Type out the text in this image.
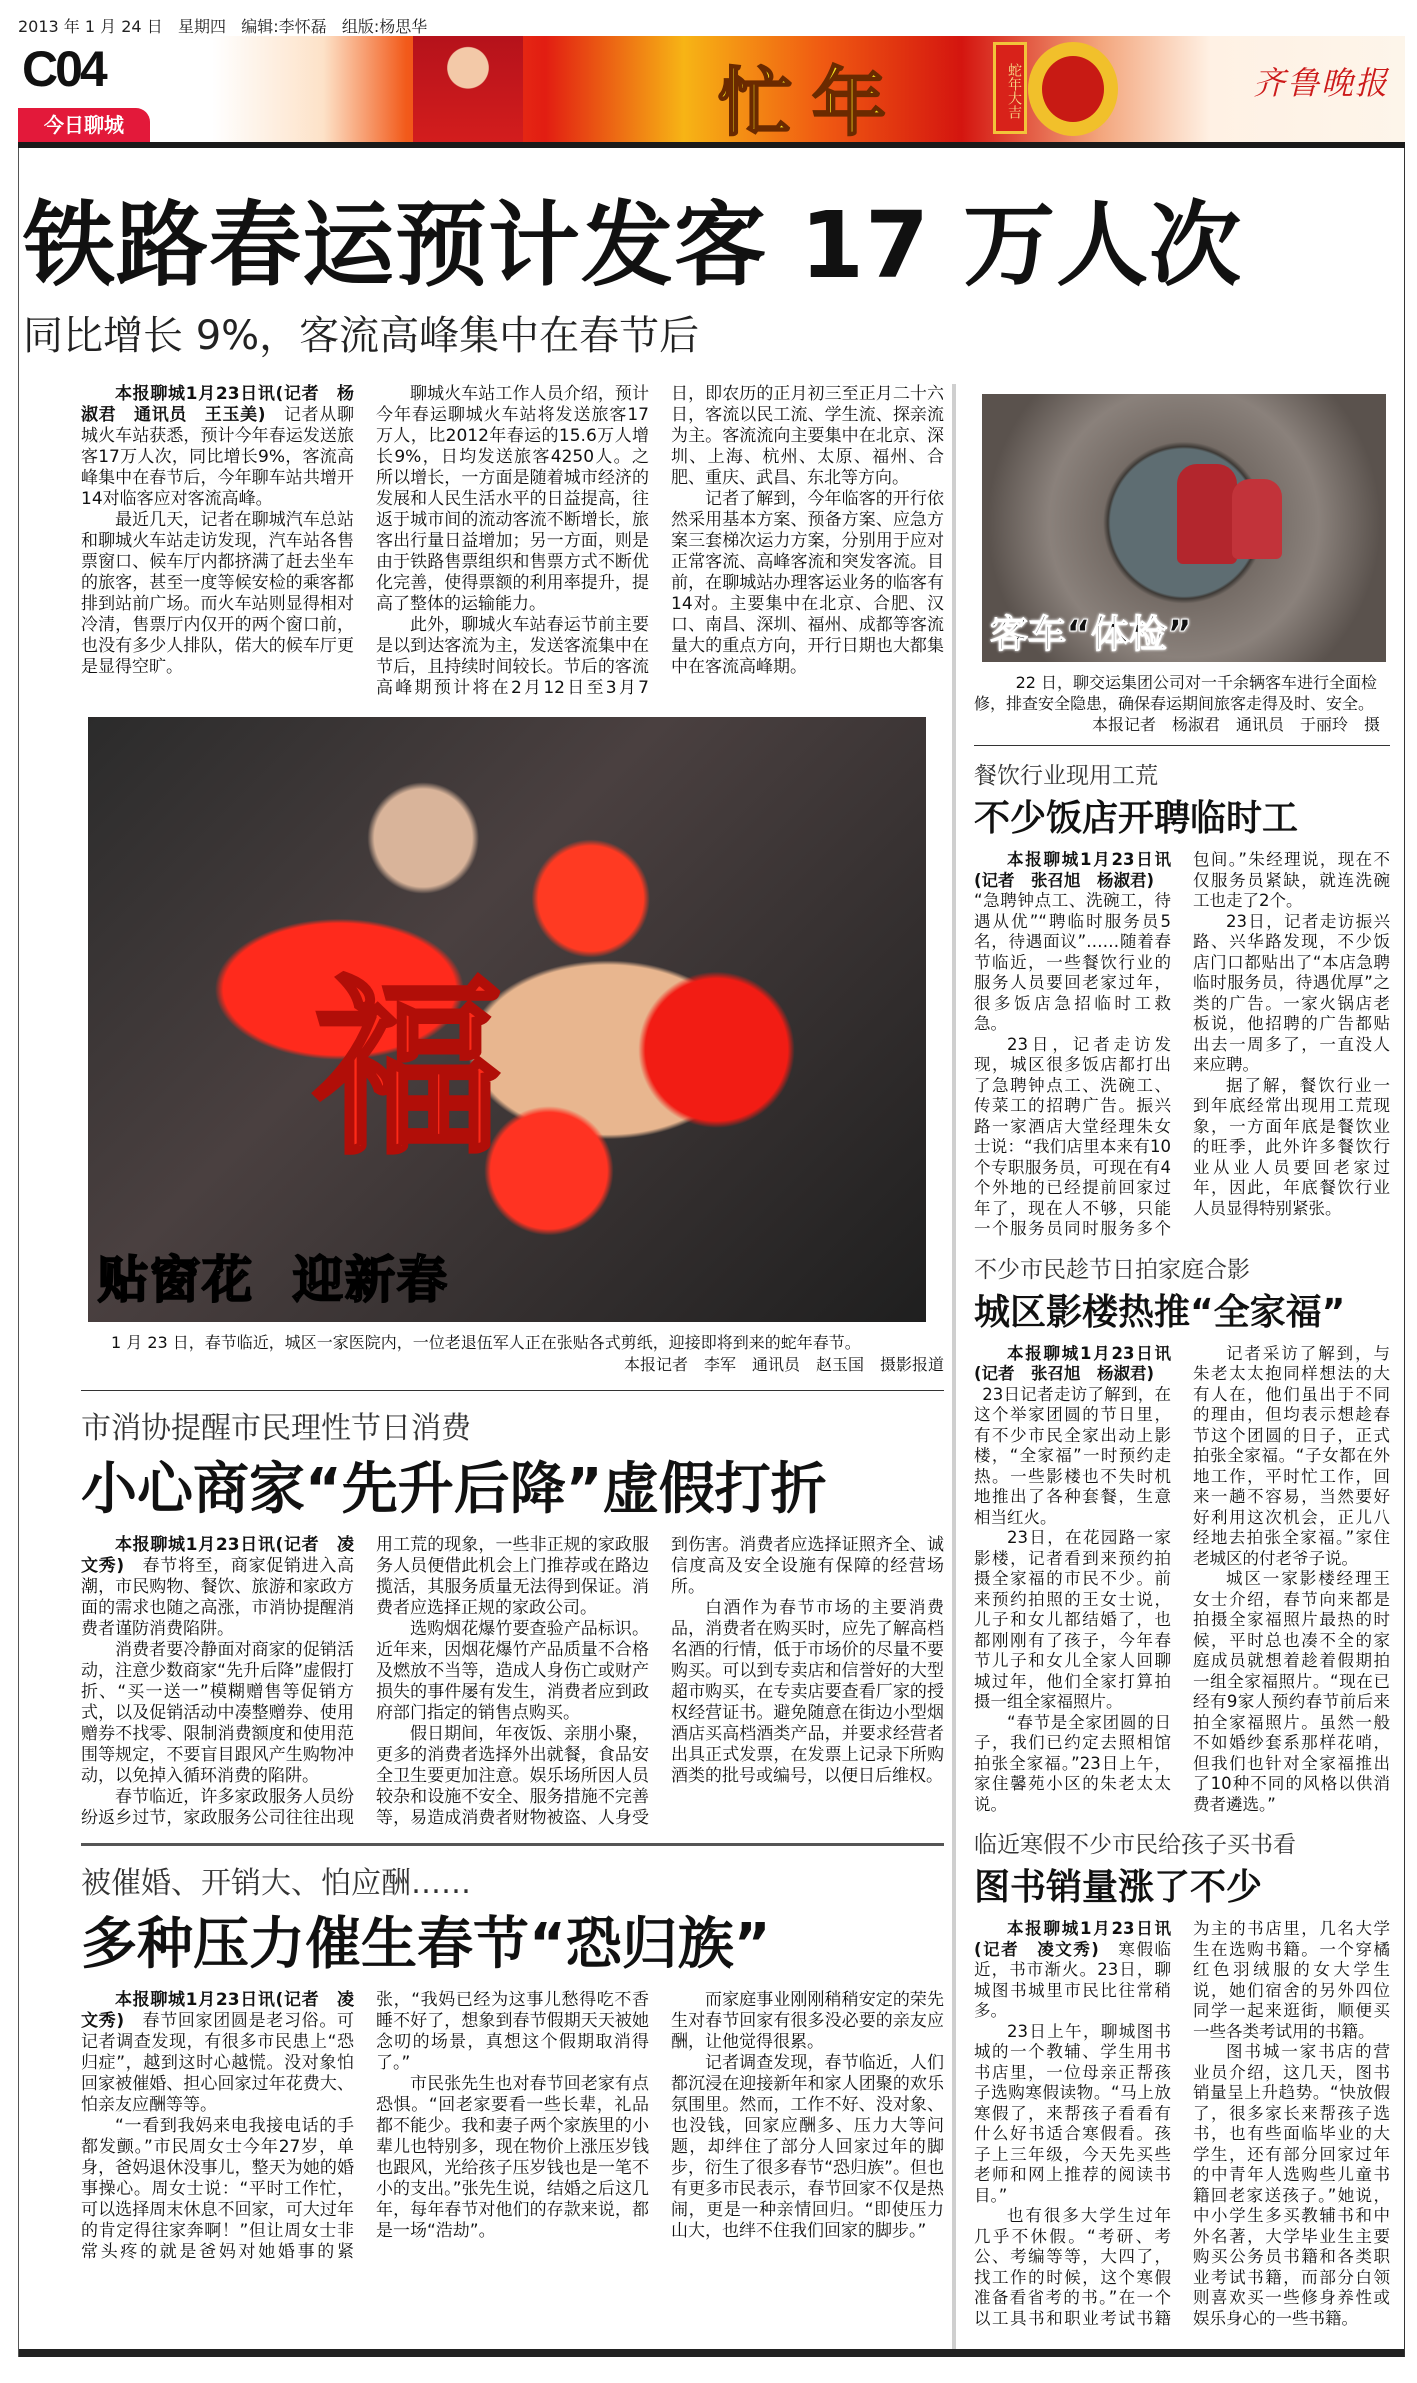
2013 年 1 月 24 日   星期四   编辑:李怀磊   组版:杨思华
C04
今日聊城	忙年	蛇年大吉	齐鲁晚报
铁路春运预计发客 17 万人次
同比增长 9%，客流高峰集中在春节后

本报聊城1月23日讯(记者　杨淑君　通讯员　王玉美)　 记者从聊城火车站获悉，预计今年春运发送旅客17万人次，同比增长9%，客流高峰集中在春节后，今年聊车站共增开14对临客应对客流高峰。

最近几天，记者在聊城汽车总站和聊城火车站走访发现，汽车站各售票窗口、候车厅内都挤满了赶去坐车的旅客，甚至一度等候安检的乘客都排到站前广场。而火车站则显得相对冷清，售票厅内仅开的两个窗口前，也没有多少人排队，偌大的候车厅更是显得空旷。

聊城火车站工作人员介绍，预计今年春运聊城火车站将发送旅客17万人，比2012年春运的15.6万人增长9%，日均发送旅客4250人。之所以增长，一方面是随着城市经济的发展和人民生活水平的日益提高，往返于城市间的流动客流不断增长，旅客出行量日益增加；另一方面，则是由于铁路售票组织和售票方式不断优化完善，使得票额的利用率提升，提高了整体的运输能力。

此外，聊城火车站春运节前主要是以到达客流为主，发送客流集中在节后，且持续时间较长。节后的客流高峰期预计将在2月12日至3月7日，即农历的正月初三至正月二十六日，客流以民工流、学生流、探亲流为主。客流流向主要集中在北京、深圳、上海、杭州、太原、福州、合肥、重庆、武昌、东北等方向。

记者了解到，今年临客的开行依然采用基本方案、预备方案、应急方案三套梯次运力方案，分别用于应对正常客流、高峰客流和突发客流。目前，在聊城站办理客运业务的临客有14对。主要集中在北京、合肥、汉口、南昌、深圳、福州、成都等客流量大的重点方向，开行日期也大都集中在客流高峰期。

福
贴窗花  迎新春
1 月 23 日，春节临近，城区一家医院内，一位老退伍军人正在张贴各式剪纸，迎接即将到来的蛇年春节。
本报记者　李军　通讯员　赵玉国　摄影报道
市消协提醒市民理性节日消费
小心商家“先升后降”虚假打折

本报聊城1月23日讯(记者　凌文秀)　 春节将至，商家促销进入高潮，市民购物、餐饮、旅游和家政方面的需求也随之高涨，市消协提醒消费者谨防消费陷阱。

消费者要冷静面对商家的促销活动，注意少数商家“先升后降”虚假打折、“买一送一”模糊赠售等促销方式，以及促销活动中凑整赠券、使用赠券不找零、限制消费额度和使用范围等规定，不要盲目跟风产生购物冲动，以免掉入循环消费的陷阱。

春节临近，许多家政服务人员纷纷返乡过节，家政服务公司往往出现用工荒的现象，一些非正规的家政服务人员便借此机会上门推荐或在路边揽活，其服务质量无法得到保证。消费者应选择正规的家政公司。

选购烟花爆竹要查验产品标识。近年来，因烟花爆竹产品质量不合格及燃放不当等，造成人身伤亡或财产损失的事件屡有发生，消费者应到政府部门指定的销售点购买。

假日期间，年夜饭、亲朋小聚，更多的消费者选择外出就餐，食品安全卫生要更加注意。娱乐场所因人员较杂和设施不安全、服务措施不完善等，易造成消费者财物被盗、人身受到伤害。消费者应选择证照齐全、诚信度高及安全设施有保障的经营场所。

白酒作为春节市场的主要消费品，消费者在购买时，应先了解高档名酒的行情，低于市场价的尽量不要购买。可以到专卖店和信誉好的大型超市购买，在专卖店要查看厂家的授权经营证书。避免随意在街边小型烟酒店买高档酒类产品，并要求经营者出具正式发票，在发票上记录下所购酒类的批号或编号，以便日后维权。

被催婚、开销大、怕应酬……
多种压力催生春节“恐归族”

本报聊城1月23日讯(记者　凌文秀)　 春节回家团圆是老习俗。可记者调查发现，有很多市民患上“恐归症”，越到这时心越慌。没对象怕回家被催婚、担心回家过年花费大、怕亲友应酬等等。

“一看到我妈来电我接电话的手都发颤。”市民周女士今年27岁，单身，爸妈退休没事儿，整天为她的婚事操心。周女士说：“平时工作忙，可以选择周末休息不回家，可大过年的肯定得往家奔啊！”但让周女士非常头疼的就是爸妈对她婚事的紧张，“我妈已经为这事儿愁得吃不香睡不好了，想象到春节假期天天被她念叨的场景，真想这个假期取消得了。”

市民张先生也对春节回老家有点恐惧。“回老家要看一些长辈，礼品都不能少。我和妻子两个家族里的小辈儿也特别多，现在物价上涨压岁钱也跟风，光给孩子压岁钱也是一笔不小的支出。”张先生说，结婚之后这几年，每年春节对他们的存款来说，都是一场“浩劫”。

而家庭事业刚刚稍稍安定的荣先生对春节回家有很多没必要的亲友应酬，让他觉得很累。

记者调查发现，春节临近，人们都沉浸在迎接新年和家人团聚的欢乐氛围里。然而，工作不好、没对象、也没钱，回家应酬多、压力大等问题，却绊住了部分人回家过年的脚步，衍生了很多春节“恐归族”。但也有更多市民表示，春节回家不仅是热闹，更是一种亲情回归。“即使压力山大，也绊不住我们回家的脚步。”

客车“体检”
22 日，聊交运集团公司对一千余辆客车进行全面检修，排查安全隐患，确保春运期间旅客走得及时、安全。
本报记者　杨淑君　通讯员　于丽玲　摄
餐饮行业现用工荒
不少饭店开聘临时工

本报聊城1月23日讯(记者　张召旭　杨淑君)

“急聘钟点工、洗碗工，待遇从优”“聘临时服务员5名，待遇面议”……随着春节临近，一些餐饮行业的服务人员要回老家过年，很多饭店急招临时工救急。

23日，记者走访发现，城区很多饭店都打出了急聘钟点工、洗碗工、传菜工的招聘广告。振兴路一家酒店大堂经理朱女士说：“我们店里本来有10个专职服务员，可现在有4个外地的已经提前回家过年了，现在人不够，只能一个服务员同时服务多个包间。”朱经理说，现在不仅服务员紧缺，就连洗碗工也走了2个。

23日，记者走访振兴路、兴华路发现，不少饭店门口都贴出了“本店急聘临时服务员，待遇优厚”之类的广告。一家火锅店老板说，他招聘的广告都贴出去一周多了，一直没人来应聘。

据了解，餐饮行业一到年底经常出现用工荒现象，一方面年底是餐饮业的旺季，此外许多餐饮行业从业人员要回老家过年，因此，年底餐饮行业人员显得特别紧张。

不少市民趁节日拍家庭合影
城区影楼热推“全家福”

本报聊城1月23日讯(记者　张召旭　杨淑君)

23日记者走访了解到，在这个举家团圆的节日里，有不少市民全家出动上影楼，“全家福”一时预约走热。一些影楼也不失时机地推出了各种套餐，生意相当红火。

23日，在花园路一家影楼，记者看到来预约拍摄全家福的市民不少。前来预约拍照的王女士说，儿子和女儿都结婚了，也都刚刚有了孩子，今年春节儿子和女儿全家人回聊城过年，他们全家打算拍摄一组全家福照片。

“春节是全家团圆的日子，我们已约定去照相馆拍张全家福。”23日上午，家住馨苑小区的朱老太太说。

记者采访了解到，与朱老太太抱同样想法的大有人在，他们虽出于不同的理由，但均表示想趁春节这个团圆的日子，正式拍张全家福。“子女都在外地工作，平时忙工作，回来一趟不容易，当然要好好利用这次机会，正儿八经地去拍张全家福。”家住老城区的付老爷子说。

城区一家影楼经理王女士介绍，春节向来都是拍摄全家福照片最热的时候，平时总也凑不全的家庭成员就想着趁着假期拍一组全家福照片。“现在已经有9家人预约春节前后来拍全家福照片。虽然一般不如婚纱套系那样花哨，但我们也针对全家福推出了10种不同的风格以供消费者遴选。”

临近寒假不少市民给孩子买书看
图书销量涨了不少

本报聊城1月23日讯(记者　凌文秀)　 寒假临近，书市渐火。23日，聊城图书城里市民比往常稍多。

23日上午，聊城图书城的一个教辅、学生用书书店里，一位母亲正帮孩子选购寒假读物。“马上放寒假了，来帮孩子看看有什么好书适合寒假看。孩子上三年级，今天先买些老师和网上推荐的阅读书目。”

也有很多大学生过年几乎不休假。“考研、考公、考编等等，大四了，找工作的时候，这个寒假准备看省考的书。”在一个以工具书和职业考试书籍为主的书店里，几名大学生在选购书籍。一个穿橘红色羽绒服的女大学生说，她们宿舍的另外四位同学一起来逛街，顺便买一些各类考试用的书籍。

图书城一家书店的营业员介绍，这几天，图书销量呈上升趋势。“快放假了，很多家长来帮孩子选书，也有些面临毕业的大学生，还有部分回家过年的中青年人选购些儿童书籍回老家送孩子。”她说，中小学生多买教辅书和中外名著，大学毕业生主要购买公务员书籍和各类职业考试书籍，而部分白领则喜欢买一些修身养性或娱乐身心的一些书籍。
